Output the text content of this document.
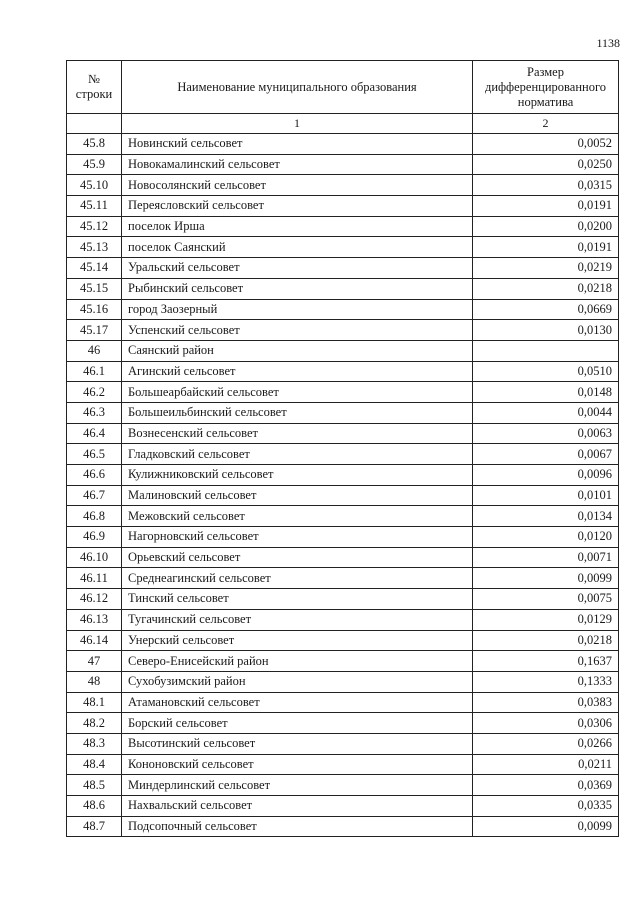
1138
№ строки	Наименование муниципального образования	Размер дифференцированного норматива
	1	2
45.8	Новинский сельсовет	0,0052
45.9	Новокамалинский сельсовет	0,0250
45.10	Новосолянский сельсовет	0,0315
45.11	Переясловский сельсовет	0,0191
45.12	поселок Ирша	0,0200
45.13	поселок Саянский	0,0191
45.14	Уральский сельсовет	0,0219
45.15	Рыбинский сельсовет	0,0218
45.16	город Заозерный	0,0669
45.17	Успенский сельсовет	0,0130
46	Саянский район	
46.1	Агинский сельсовет	0,0510
46.2	Большеарбайский сельсовет	0,0148
46.3	Большеильбинский сельсовет	0,0044
46.4	Вознесенский сельсовет	0,0063
46.5	Гладковский сельсовет	0,0067
46.6	Кулижниковский сельсовет	0,0096
46.7	Малиновский сельсовет	0,0101
46.8	Межовский сельсовет	0,0134
46.9	Нагорновский сельсовет	0,0120
46.10	Орьевский сельсовет	0,0071
46.11	Среднеагинский сельсовет	0,0099
46.12	Тинский сельсовет	0,0075
46.13	Тугачинский сельсовет	0,0129
46.14	Унерский сельсовет	0,0218
47	Северо-Енисейский район	0,1637
48	Сухобузимский район	0,1333
48.1	Атамановский сельсовет	0,0383
48.2	Борский сельсовет	0,0306
48.3	Высотинский сельсовет	0,0266
48.4	Кононовский сельсовет	0,0211
48.5	Миндерлинский сельсовет	0,0369
48.6	Нахвальский сельсовет	0,0335
48.7	Подсопочный сельсовет	0,0099
